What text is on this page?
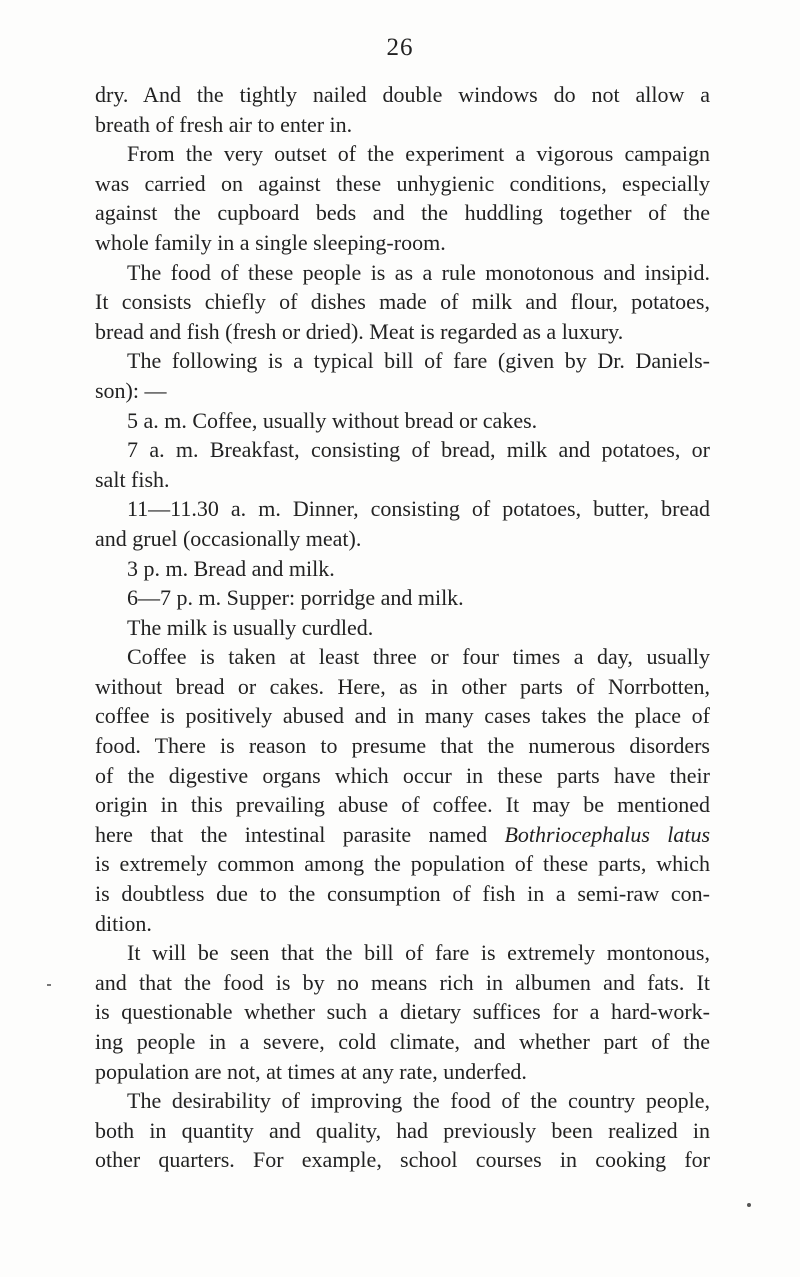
26

dry. And the tightly nailed double windows do not allow a
breath of fresh air to enter in.

From the very outset of the experiment a vigorous campaign
was carried on against these unhygienic conditions, especially
against the cupboard beds and the huddling together of the
whole family in a single sleeping-room.

The food of these people is as a rule monotonous and insipid.
It consists chiefly of dishes made of milk and flour, potatoes,
bread and fish (fresh or dried). Meat is regarded as a luxury.

The following is a typical bill of fare (given by Dr. Daniels-
son): —

5 a. m. Coffee, usually without bread or cakes.

7 a. m. Breakfast, consisting of bread, milk and potatoes, or
salt fish.

11—11.30 a. m. Dinner, consisting of potatoes, butter, bread
and gruel (occasionally meat).

3 p. m. Bread and milk.

6—7 p. m. Supper: porridge and milk.

The milk is usually curdled.

Coffee is taken at least three or four times a day, usually
without bread or cakes. Here, as in other parts of Norrbotten,
coffee is positively abused and in many cases takes the place of
food. There is reason to presume that the numerous disorders
of the digestive organs which occur in these parts have their
origin in this prevailing abuse of coffee. It may be mentioned
here that the intestinal parasite named Bothriocephalus latus
is extremely common among the population of these parts, which
is doubtless due to the consumption of fish in a semi-raw con-
dition.

It will be seen that the bill of fare is extremely montonous,
and that the food is by no means rich in albumen and fats. It
is questionable whether such a dietary suffices for a hard-work-
ing people in a severe, cold climate, and whether part of the
population are not, at times at any rate, underfed.

The desirability of improving the food of the country people,
both in quantity and quality, had previously been realized in
other quarters. For example, school courses in cooking for
